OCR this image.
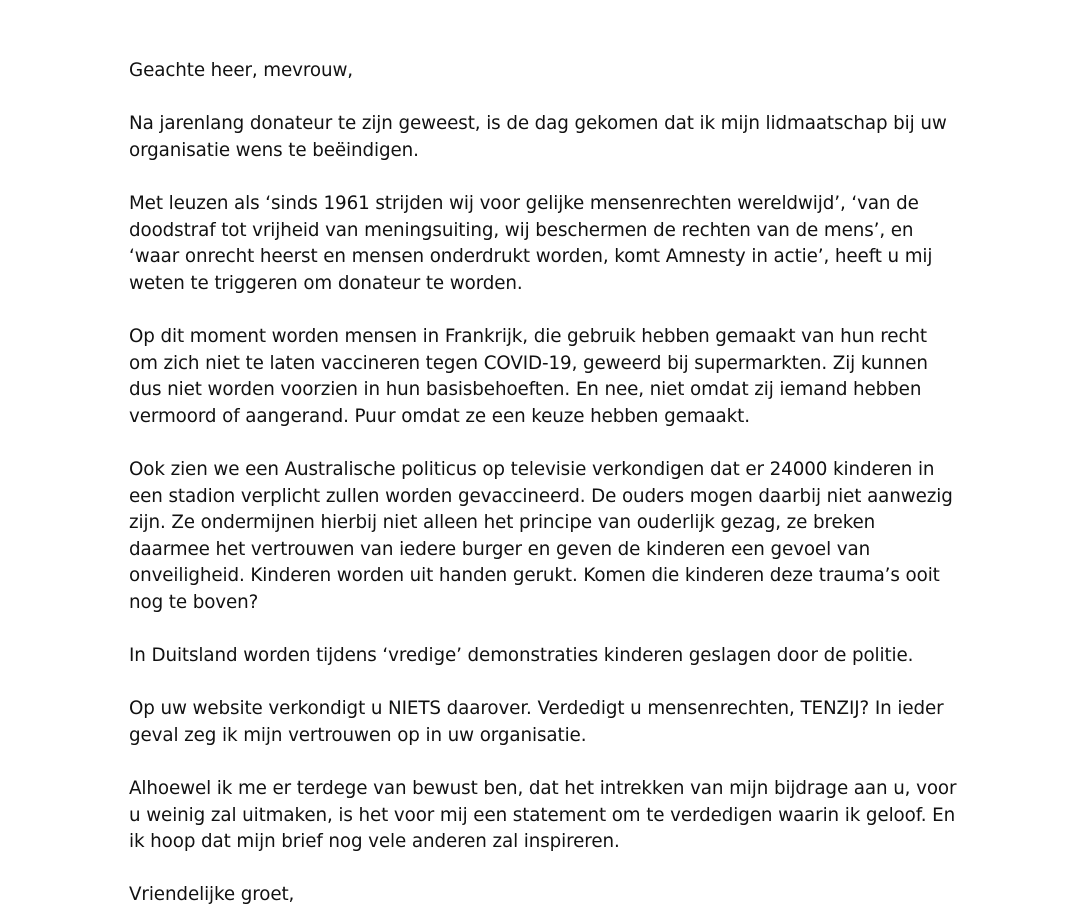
Geachte heer, mevrouw,

Na jarenlang donateur te zijn geweest, is de dag gekomen dat ik mijn lidmaatschap bij uw organisatie wens te beëindigen.

Met leuzen als ‘sinds 1961 strijden wij voor gelijke mensenrechten wereldwijd’, ‘van de doodstraf tot vrijheid van meningsuiting, wij beschermen de rechten van de mens’, en ‘waar onrecht heerst en mensen onderdrukt worden, komt Amnesty in actie’, heeft u mij weten te triggeren om donateur te worden.

Op dit moment worden mensen in Frankrijk, die gebruik hebben gemaakt van hun recht om zich niet te laten vaccineren tegen COVID-19, geweerd bij supermarkten. Zij kunnen dus niet worden voorzien in hun basisbehoeften. En nee, niet omdat zij iemand hebben vermoord of aangerand. Puur omdat ze een keuze hebben gemaakt.

Ook zien we een Australische politicus op televisie verkondigen dat er 24000 kinderen in een stadion verplicht zullen worden gevaccineerd. De ouders mogen daarbij niet aanwezig zijn. Ze ondermijnen hierbij niet alleen het principe van ouderlijk gezag, ze breken daarmee het vertrouwen van iedere burger en geven de kinderen een gevoel van onveiligheid. Kinderen worden uit handen gerukt. Komen die kinderen deze trauma’s ooit nog te boven?

In Duitsland worden tijdens ‘vredige’ demonstraties kinderen geslagen door de politie.

Op uw website verkondigt u NIETS daarover. Verdedigt u mensenrechten, TENZIJ? In ieder geval zeg ik mijn vertrouwen op in uw organisatie.

Alhoewel ik me er terdege van bewust ben, dat het intrekken van mijn bijdrage aan u, voor u weinig zal uitmaken, is het voor mij een statement om te verdedigen waarin ik geloof. En ik hoop dat mijn brief nog vele anderen zal inspireren.

Vriendelijke groet,
